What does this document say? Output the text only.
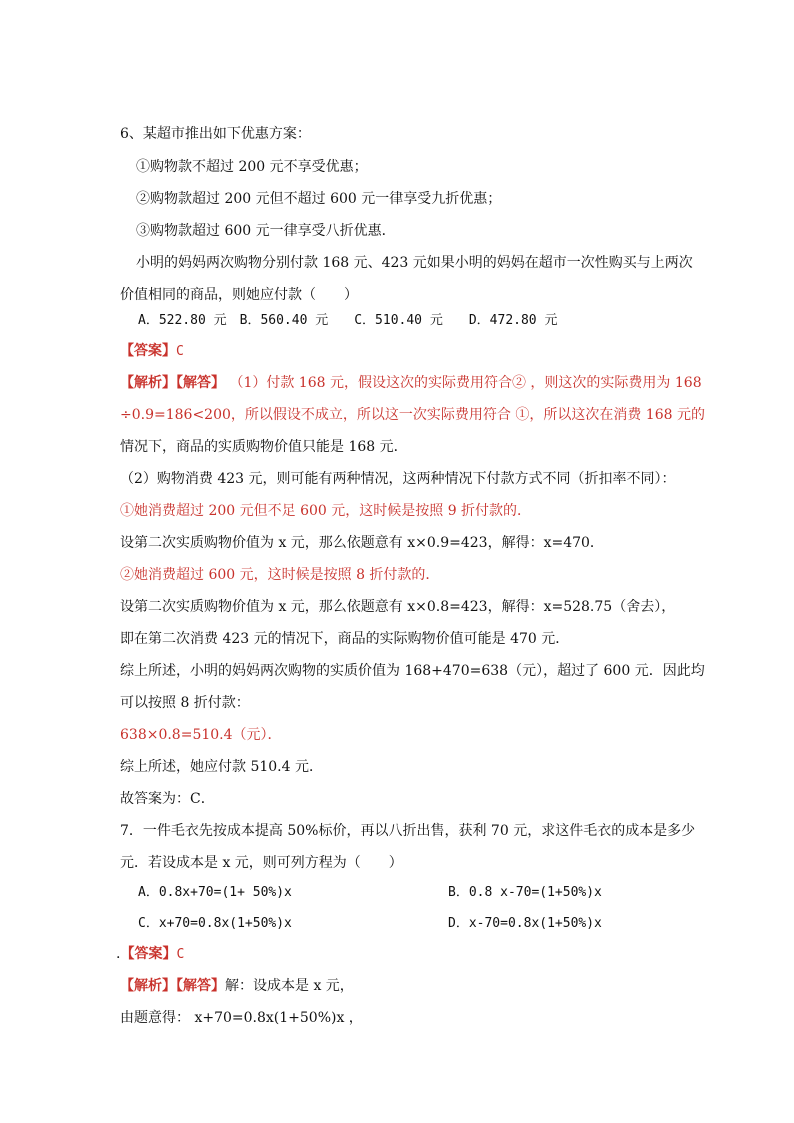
6、某超市推出如下优惠方案：
①购物款不超过 200 元不享受优惠；
②购物款超过 200 元但不超过 600 元一律享受九折优惠；
③购物款超过 600 元一律享受八折优惠．
小明的妈妈两次购物分别付款 168 元、423 元如果小明的妈妈在超市一次性购买与上两次
价值相同的商品，则她应付款（　　）
A．522.80 元　B．560.40 元　　C．510.40 元　　D．472.80 元
【答案】C
【解析】【解答】 （1）付款 168 元，假设这次的实际费用符合② ，则这次的实际费用为 168
÷0.9=186<200，所以假设不成立，所以这一次实际费用符合 ①，所以这次在消费 168 元的
情况下，商品的实质购物价值只能是 168 元．
（2）购物消费 423 元，则可能有两种情况，这两种情况下付款方式不同（折扣率不同）：
①她消费超过 200 元但不足 600 元，这时候是按照 9 折付款的．
设第二次实质购物价值为 x 元，那么依题意有 x×0.9=423，解得：x=470．
②她消费超过 600 元，这时候是按照 8 折付款的．
设第二次实质购物价值为 x 元，那么依题意有 x×0.8=423，解得：x=528.75（舍去），
即在第二次消费 423 元的情况下，商品的实际购物价值可能是 470 元．
综上所述，小明的妈妈两次购物的实质价值为 168+470=638（元），超过了 600 元．因此均
可以按照 8 折付款：
638×0.8=510.4（元）．
综上所述，她应付款 510.4 元．
故答案为：C．
7．一件毛衣先按成本提高 50%标价，再以八折出售，获利 70 元，求这件毛衣的成本是多少
元．若设成本是 x 元，则可列方程为（　　）
A．0.8x+70=(1+ 50%)x	B．0.8 x-70=(1+50%)x
C．x+70=0.8x(1+50%)x	D．x-70=0.8x(1+50%)x
.【答案】C
【解析】【解答】解：设成本是 x 元，
由题意得： x+70=0.8x(1+50%)x ，
